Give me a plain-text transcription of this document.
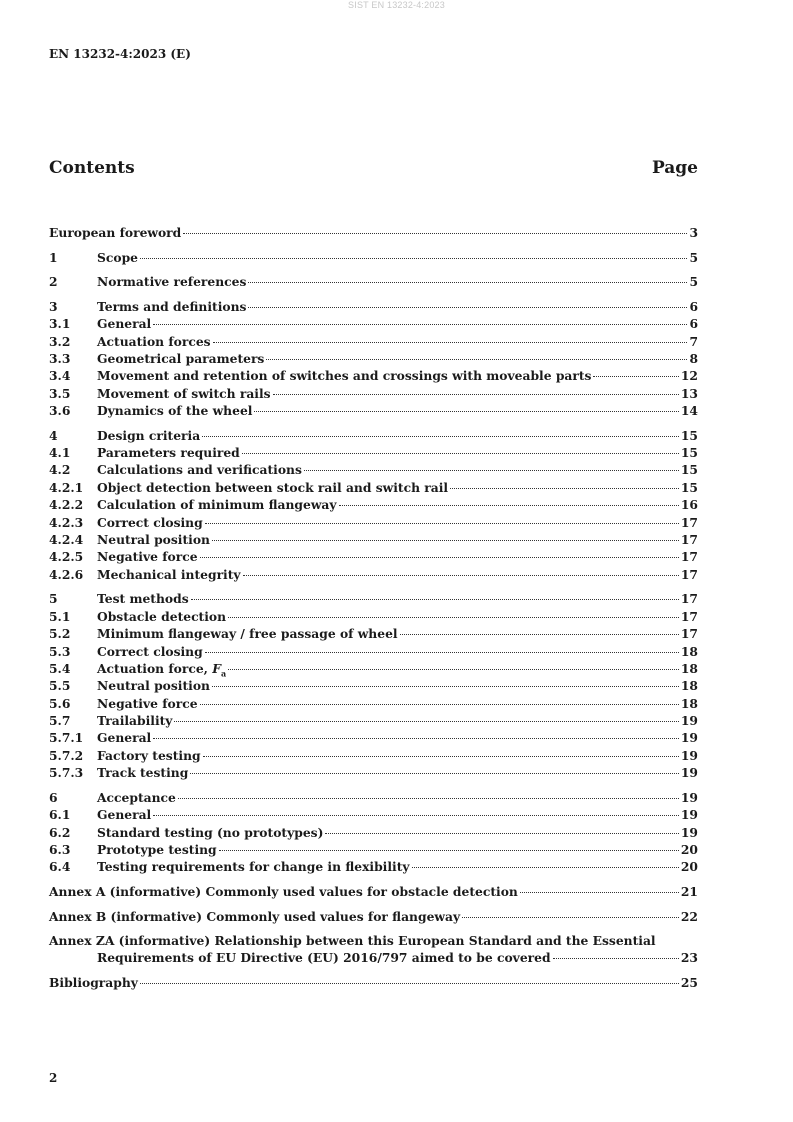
SIST EN 13232-4:2023
EN 13232-4:2023 (E)
Contents	Page
European foreword	3
1	Scope	5
2	Normative references	5
3	Terms and definitions	6
3.1	General	6
3.2	Actuation forces	7
3.3	Geometrical parameters	8
3.4	Movement and retention of switches and crossings with moveable parts	12
3.5	Movement of switch rails	13
3.6	Dynamics of the wheel	14
4	Design criteria	15
4.1	Parameters required	15
4.2	Calculations and verifications	15
4.2.1	Object detection between stock rail and switch rail	15
4.2.2	Calculation of minimum flangeway	16
4.2.3	Correct closing	17
4.2.4	Neutral position	17
4.2.5	Negative force	17
4.2.6	Mechanical integrity	17
5	Test methods	17
5.1	Obstacle detection	17
5.2	Minimum flangeway / free passage of wheel	17
5.3	Correct closing	18
5.4	Actuation force, $F_a$	18
5.5	Neutral position	18
5.6	Negative force	18
5.7	Trailability	19
5.7.1	General	19
5.7.2	Factory testing	19
5.7.3	Track testing	19
6	Acceptance	19
6.1	General	19
6.2	Standard testing (no prototypes)	19
6.3	Prototype testing	20
6.4	Testing requirements for change in flexibility	20
Annex A (informative) Commonly used values for obstacle detection	21
Annex B (informative) Commonly used values for flangeway	22
Annex ZA (informative) Relationship between this European Standard and the Essential
Requirements of EU Directive (EU) 2016/797 aimed to be covered	23
Bibliography	25
2
